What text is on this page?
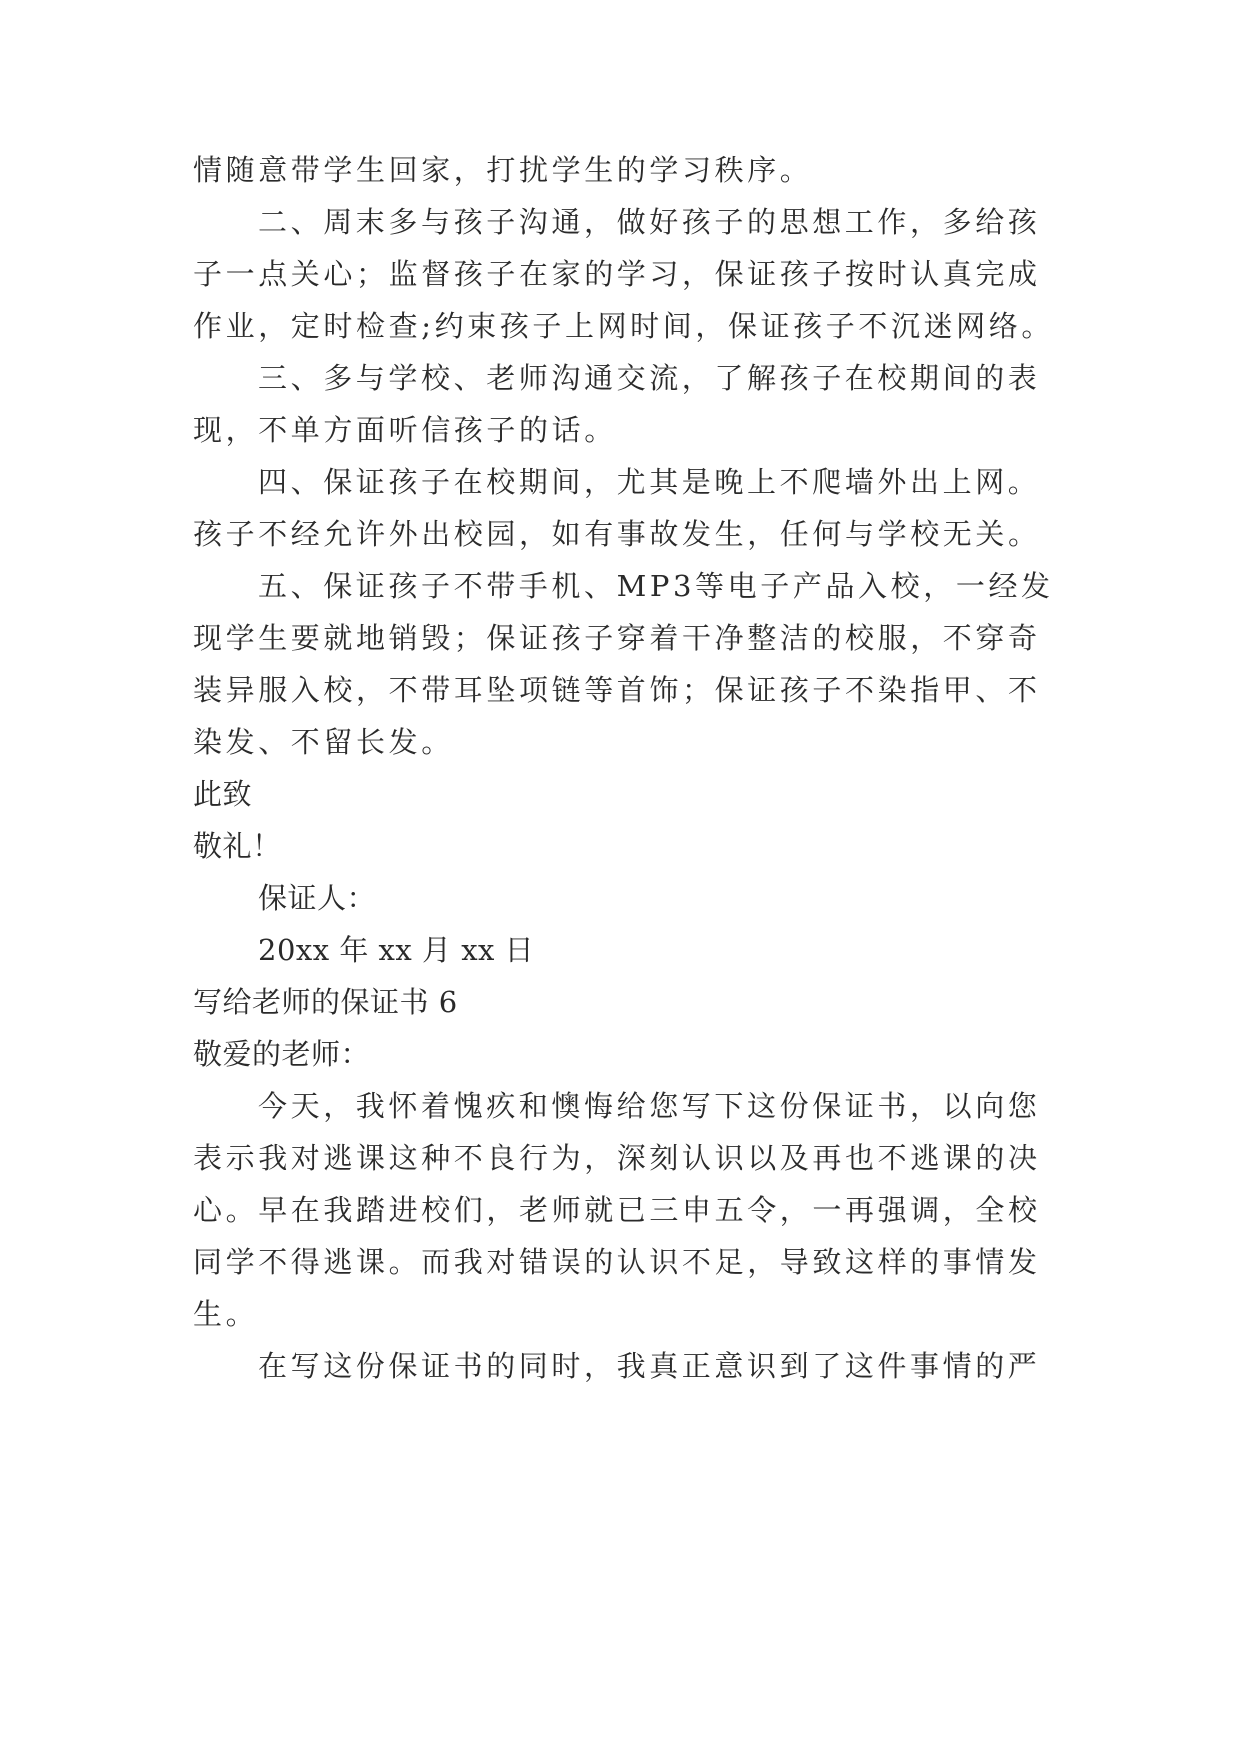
情随意带学生回家，打扰学生的学习秩序。
二、周末多与孩子沟通，做好孩子的思想工作，多给孩
子一点关心；监督孩子在家的学习，保证孩子按时认真完成
作业，定时检查;约束孩子上网时间，保证孩子不沉迷网络。
三、多与学校、老师沟通交流，了解孩子在校期间的表
现，不单方面听信孩子的话。
四、保证孩子在校期间，尤其是晚上不爬墙外出上网。
孩子不经允许外出校园，如有事故发生，任何与学校无关。
五、保证孩子不带手机、MP3等电子产品入校，一经发
现学生要就地销毁；保证孩子穿着干净整洁的校服，不穿奇
装异服入校，不带耳坠项链等首饰；保证孩子不染指甲、不
染发、不留长发。
此致
敬礼！
保证人：
20xx 年 xx 月 xx 日
写给老师的保证书 6
敬爱的老师：
今天，我怀着愧疚和懊悔给您写下这份保证书，以向您
表示我对逃课这种不良行为，深刻认识以及再也不逃课的决
心。早在我踏进校们，老师就已三申五令，一再强调，全校
同学不得逃课。而我对错误的认识不足，导致这样的事情发
生。
在写这份保证书的同时，我真正意识到了这件事情的严
